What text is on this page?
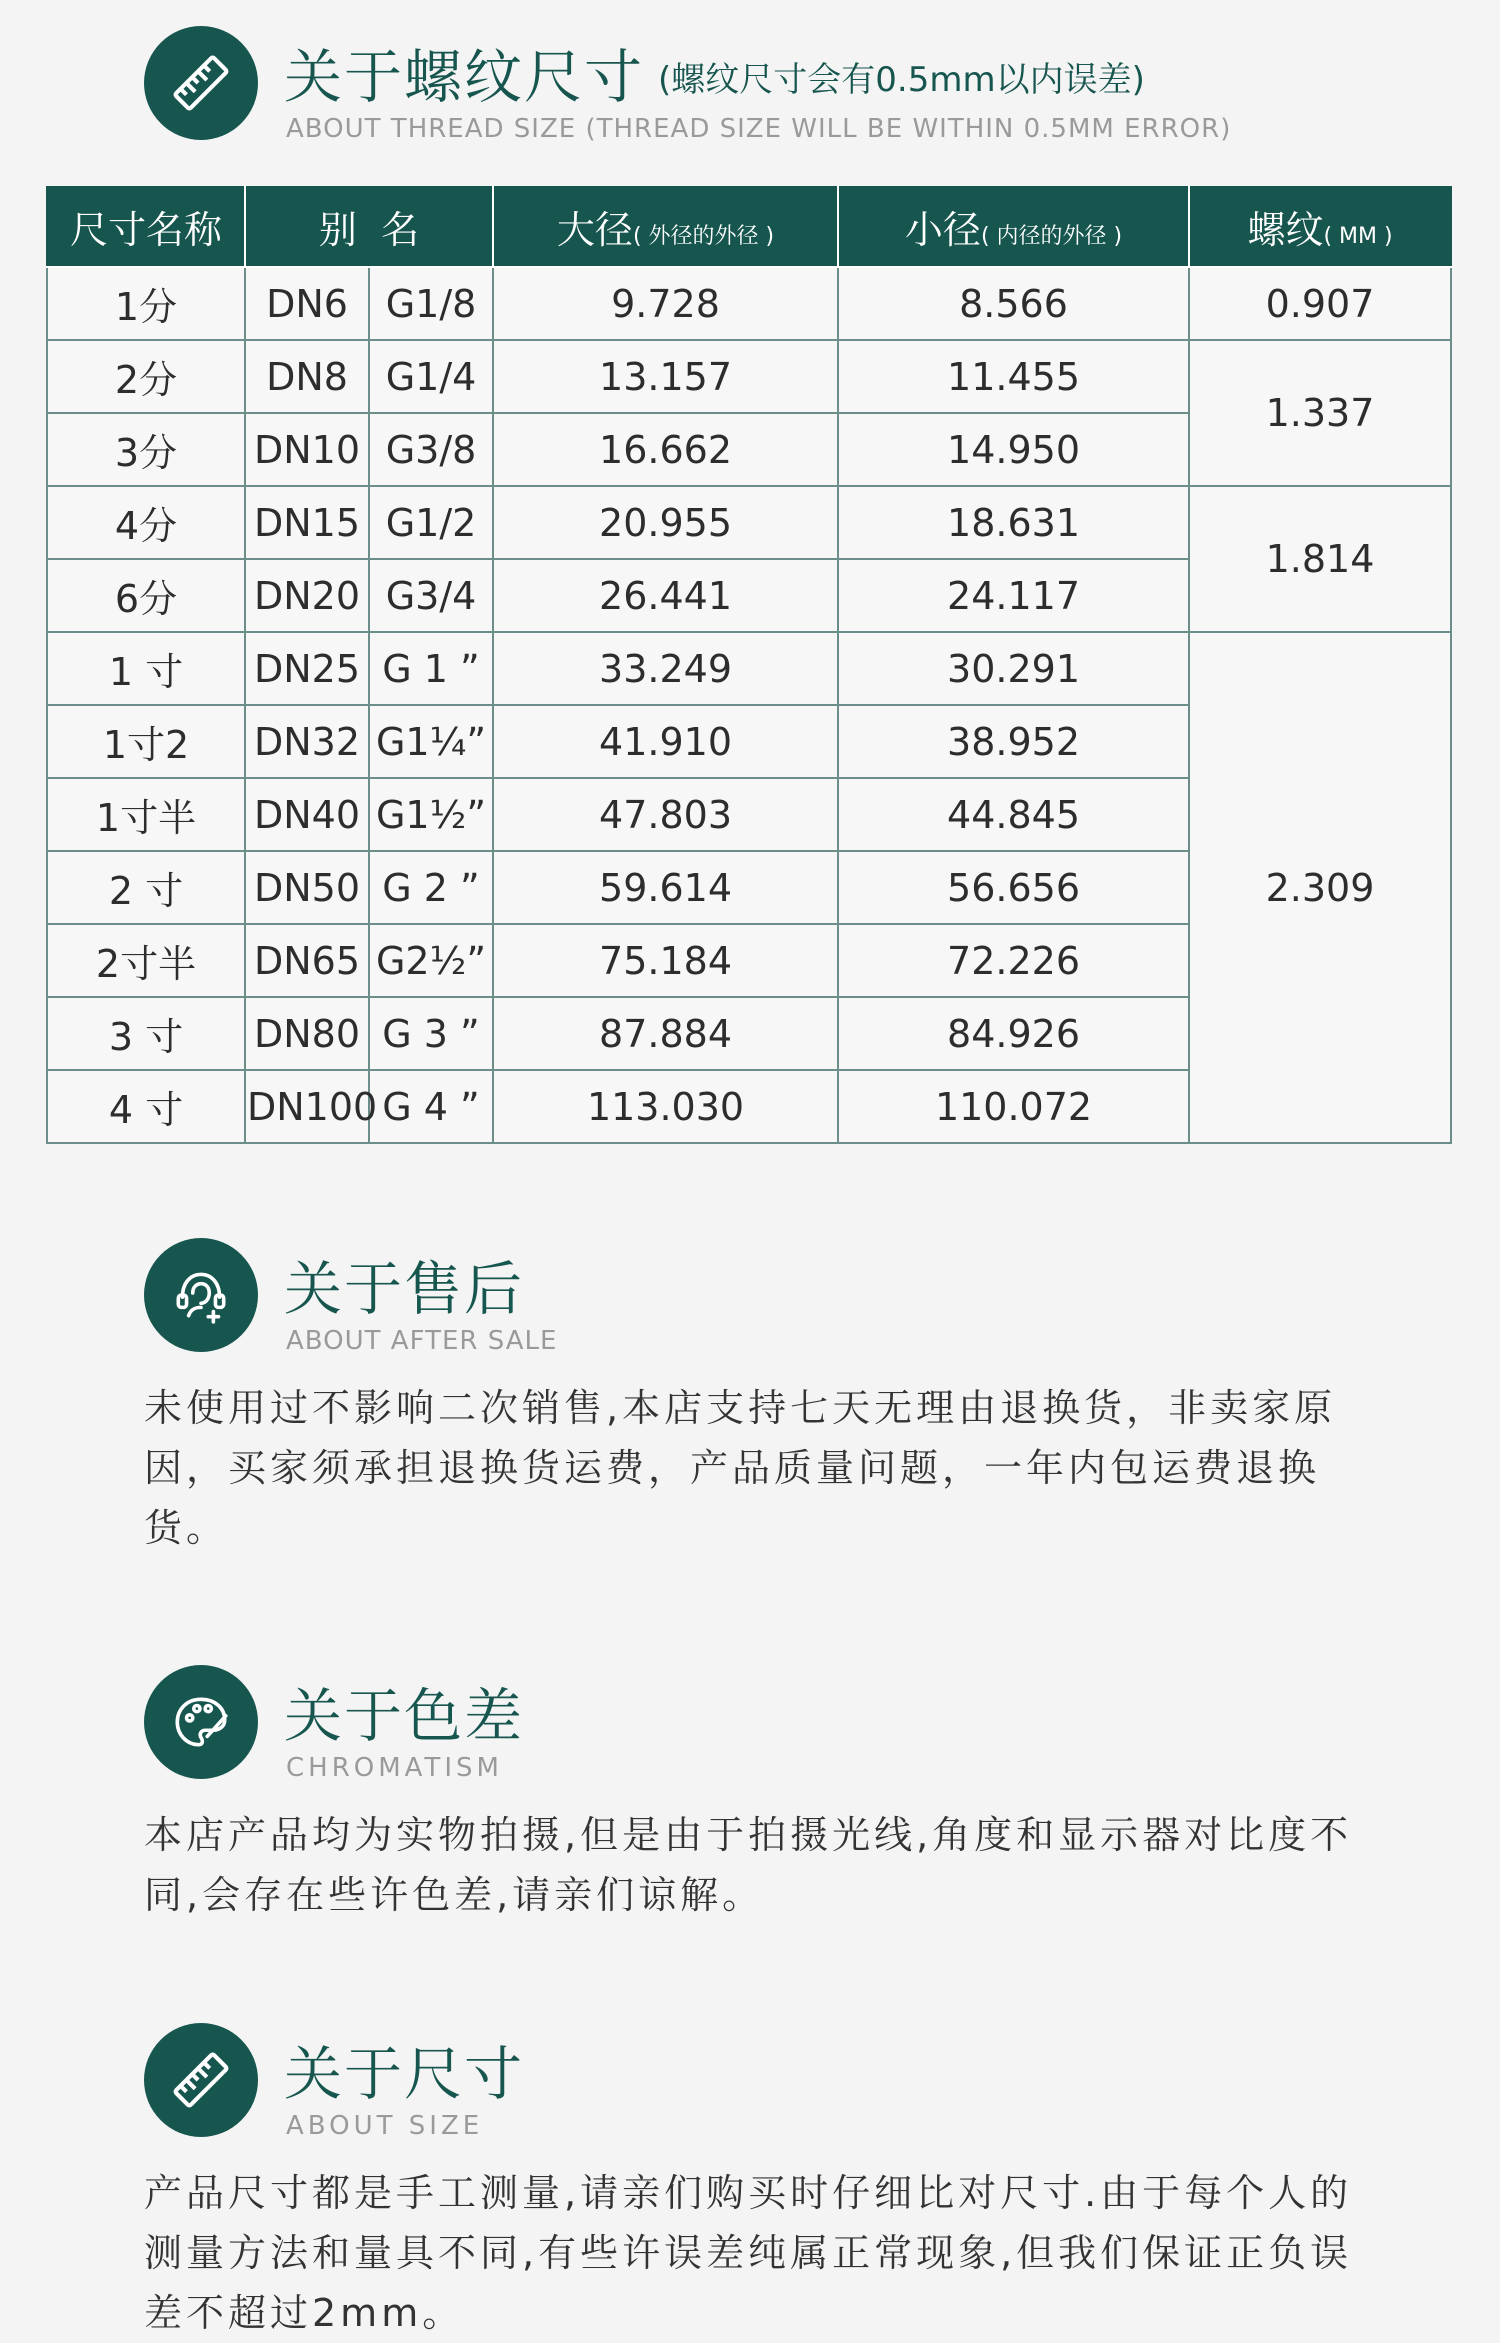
关于螺纹尺寸 (螺纹尺寸会有0.5mm以内误差)
ABOUT THREAD SIZE (THREAD SIZE WILL BE WITHIN 0.5MM ERROR)
尺寸名称	别  名		大径( 外径的外径 )	小径( 内径的外径 )	螺纹( MM )
1分	DN6	G1/8	9.728	8.566	0.907
2分	DN8	G1/4	13.157	11.455	1.337
3分	DN10	G3/8	16.662	14.950	
4分	DN15	G1/2	20.955	18.631	1.814
6分	DN20	G3/4	26.441	24.117	
1 寸	DN25	G 1 ”	33.249	30.291	2.309
1寸2	DN32	G1¼”	41.910	38.952	
1寸半	DN40	G1½”	47.803	44.845	
2 寸	DN50	G 2 ”	59.614	56.656	
2寸半	DN65	G2½”	75.184	72.226	
3 寸	DN80	G 3 ”	87.884	84.926	
4 寸	DN100	G 4 ”	113.030	110.072	
关于售后
ABOUT AFTER SALE
未使用过不影响二次销售,本店支持七天无理由退换货，非卖家原因，买家须承担退换货运费，产品质量问题，一年内包运费退换货。
关于色差
CHROMATISM
本店产品均为实物拍摄,但是由于拍摄光线,角度和显示器对比度不同,会存在些许色差,请亲们谅解。
关于尺寸
ABOUT SIZE
产品尺寸都是手工测量,请亲们购买时仔细比对尺寸.由于每个人的测量方法和量具不同,有些许误差纯属正常现象,但我们保证正负误差不超过2mm。
